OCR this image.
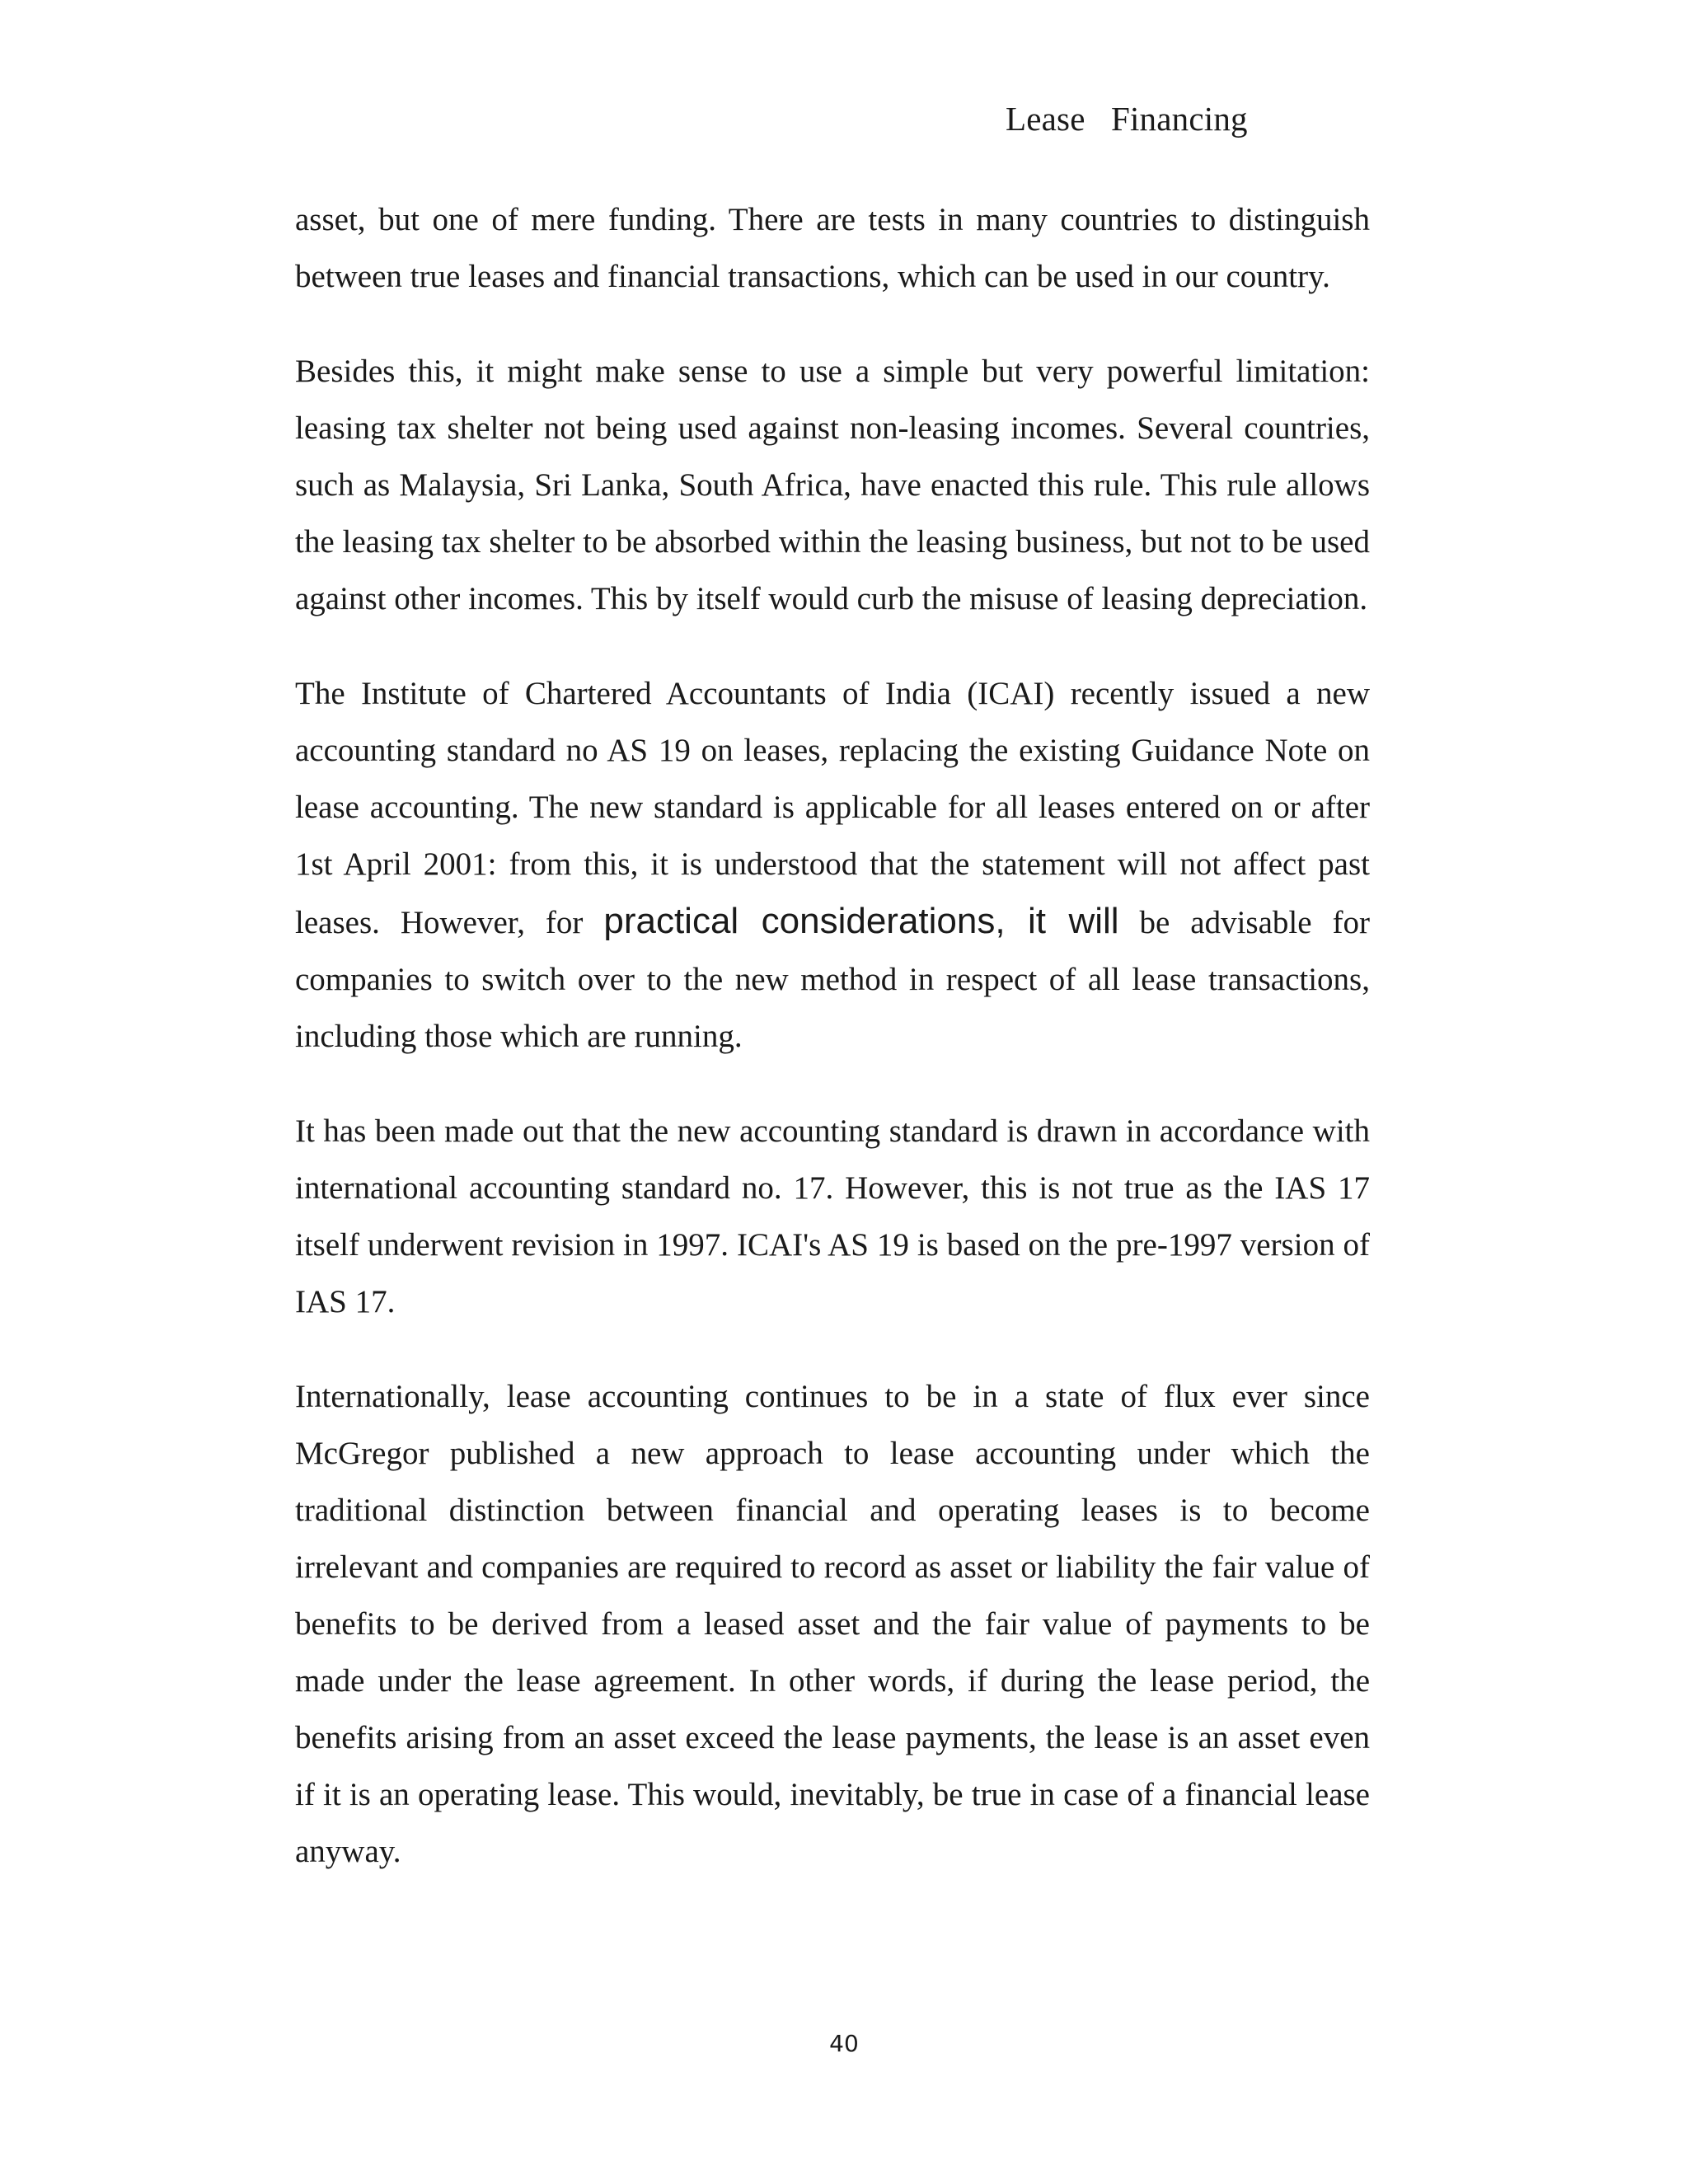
Lease   Financing

asset, but one of mere funding. There are tests in many countries to distinguish between true leases and financial transactions, which can be used in our country.

Besides this, it might make sense to use a simple but very powerful limitation: leasing tax shelter not being used against non-leasing incomes. Several countries, such as Malaysia, Sri Lanka, South Africa, have enacted this rule. This rule allows the leasing tax shelter to be absorbed within the leasing business, but not to be used against other incomes. This by itself would curb the misuse of leasing depreciation.

The Institute of Chartered Accountants of India (ICAI) recently issued a new accounting standard no AS 19 on leases, replacing the existing Guidance Note on lease accounting. The new standard is applicable for all leases entered on or after 1st April 2001: from this, it is understood that the statement will not affect past leases. However, for practical considerations, it will be advisable for companies to switch over to the new method in respect of all lease transactions, including those which are running.

It has been made out that the new accounting standard is drawn in accordance with international accounting standard no. 17. However, this is not true as the IAS 17 itself underwent revision in 1997. ICAI's AS 19 is based on the pre-1997 version of IAS 17.

Internationally, lease accounting continues to be in a state of flux ever since McGregor published a new approach to lease accounting under which the traditional distinction between financial and operating leases is to become irrelevant and companies are required to record as asset or liability the fair value of benefits to be derived from a leased asset and the fair value of payments to be made under the lease agreement. In other words, if during the lease period, the benefits arising from an asset exceed the lease payments, the lease is an asset even if it is an operating lease. This would, inevitably, be true in case of a financial lease anyway.

40
